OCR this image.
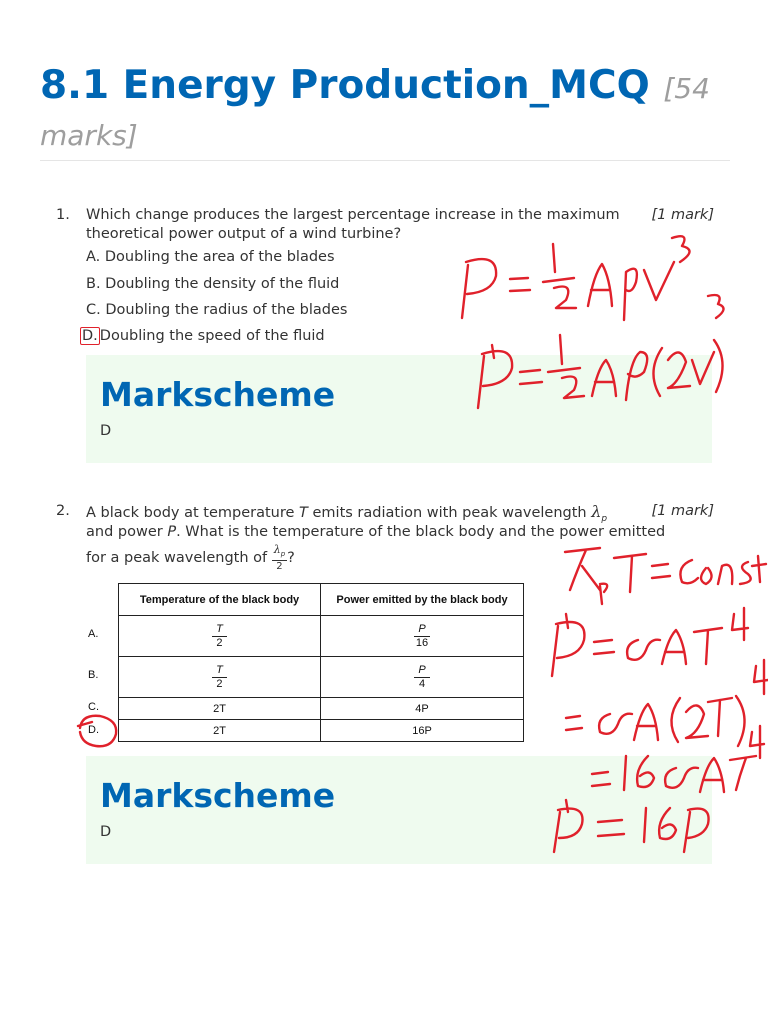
8.1 Energy Production_MCQ [54 marks]
1. Which change produces the largest percentage increase in the maximum theoretical power output of a wind turbine?
[1 mark]
A. Doubling the area of the blades
B. Doubling the density of the fluid
C. Doubling the radius of the blades
D. Doubling the speed of the fluid
Markscheme
D
2. A black body at temperature T emits radiation with peak wavelength $\lambda_p$
and power P. What is the temperature of the black body and the power emitted
for a peak wavelength of $\frac{\lambda_p}{2}$ ?
[1 mark]
Temperature of the black body	Power emitted by the black body

$\frac{T}{2}$	$\frac{P}{16}$

$\frac{T}{2}$	$\frac{P}{4}$

2T	4P
2T	16P
A.
B.
C.
D.
Markscheme
D
